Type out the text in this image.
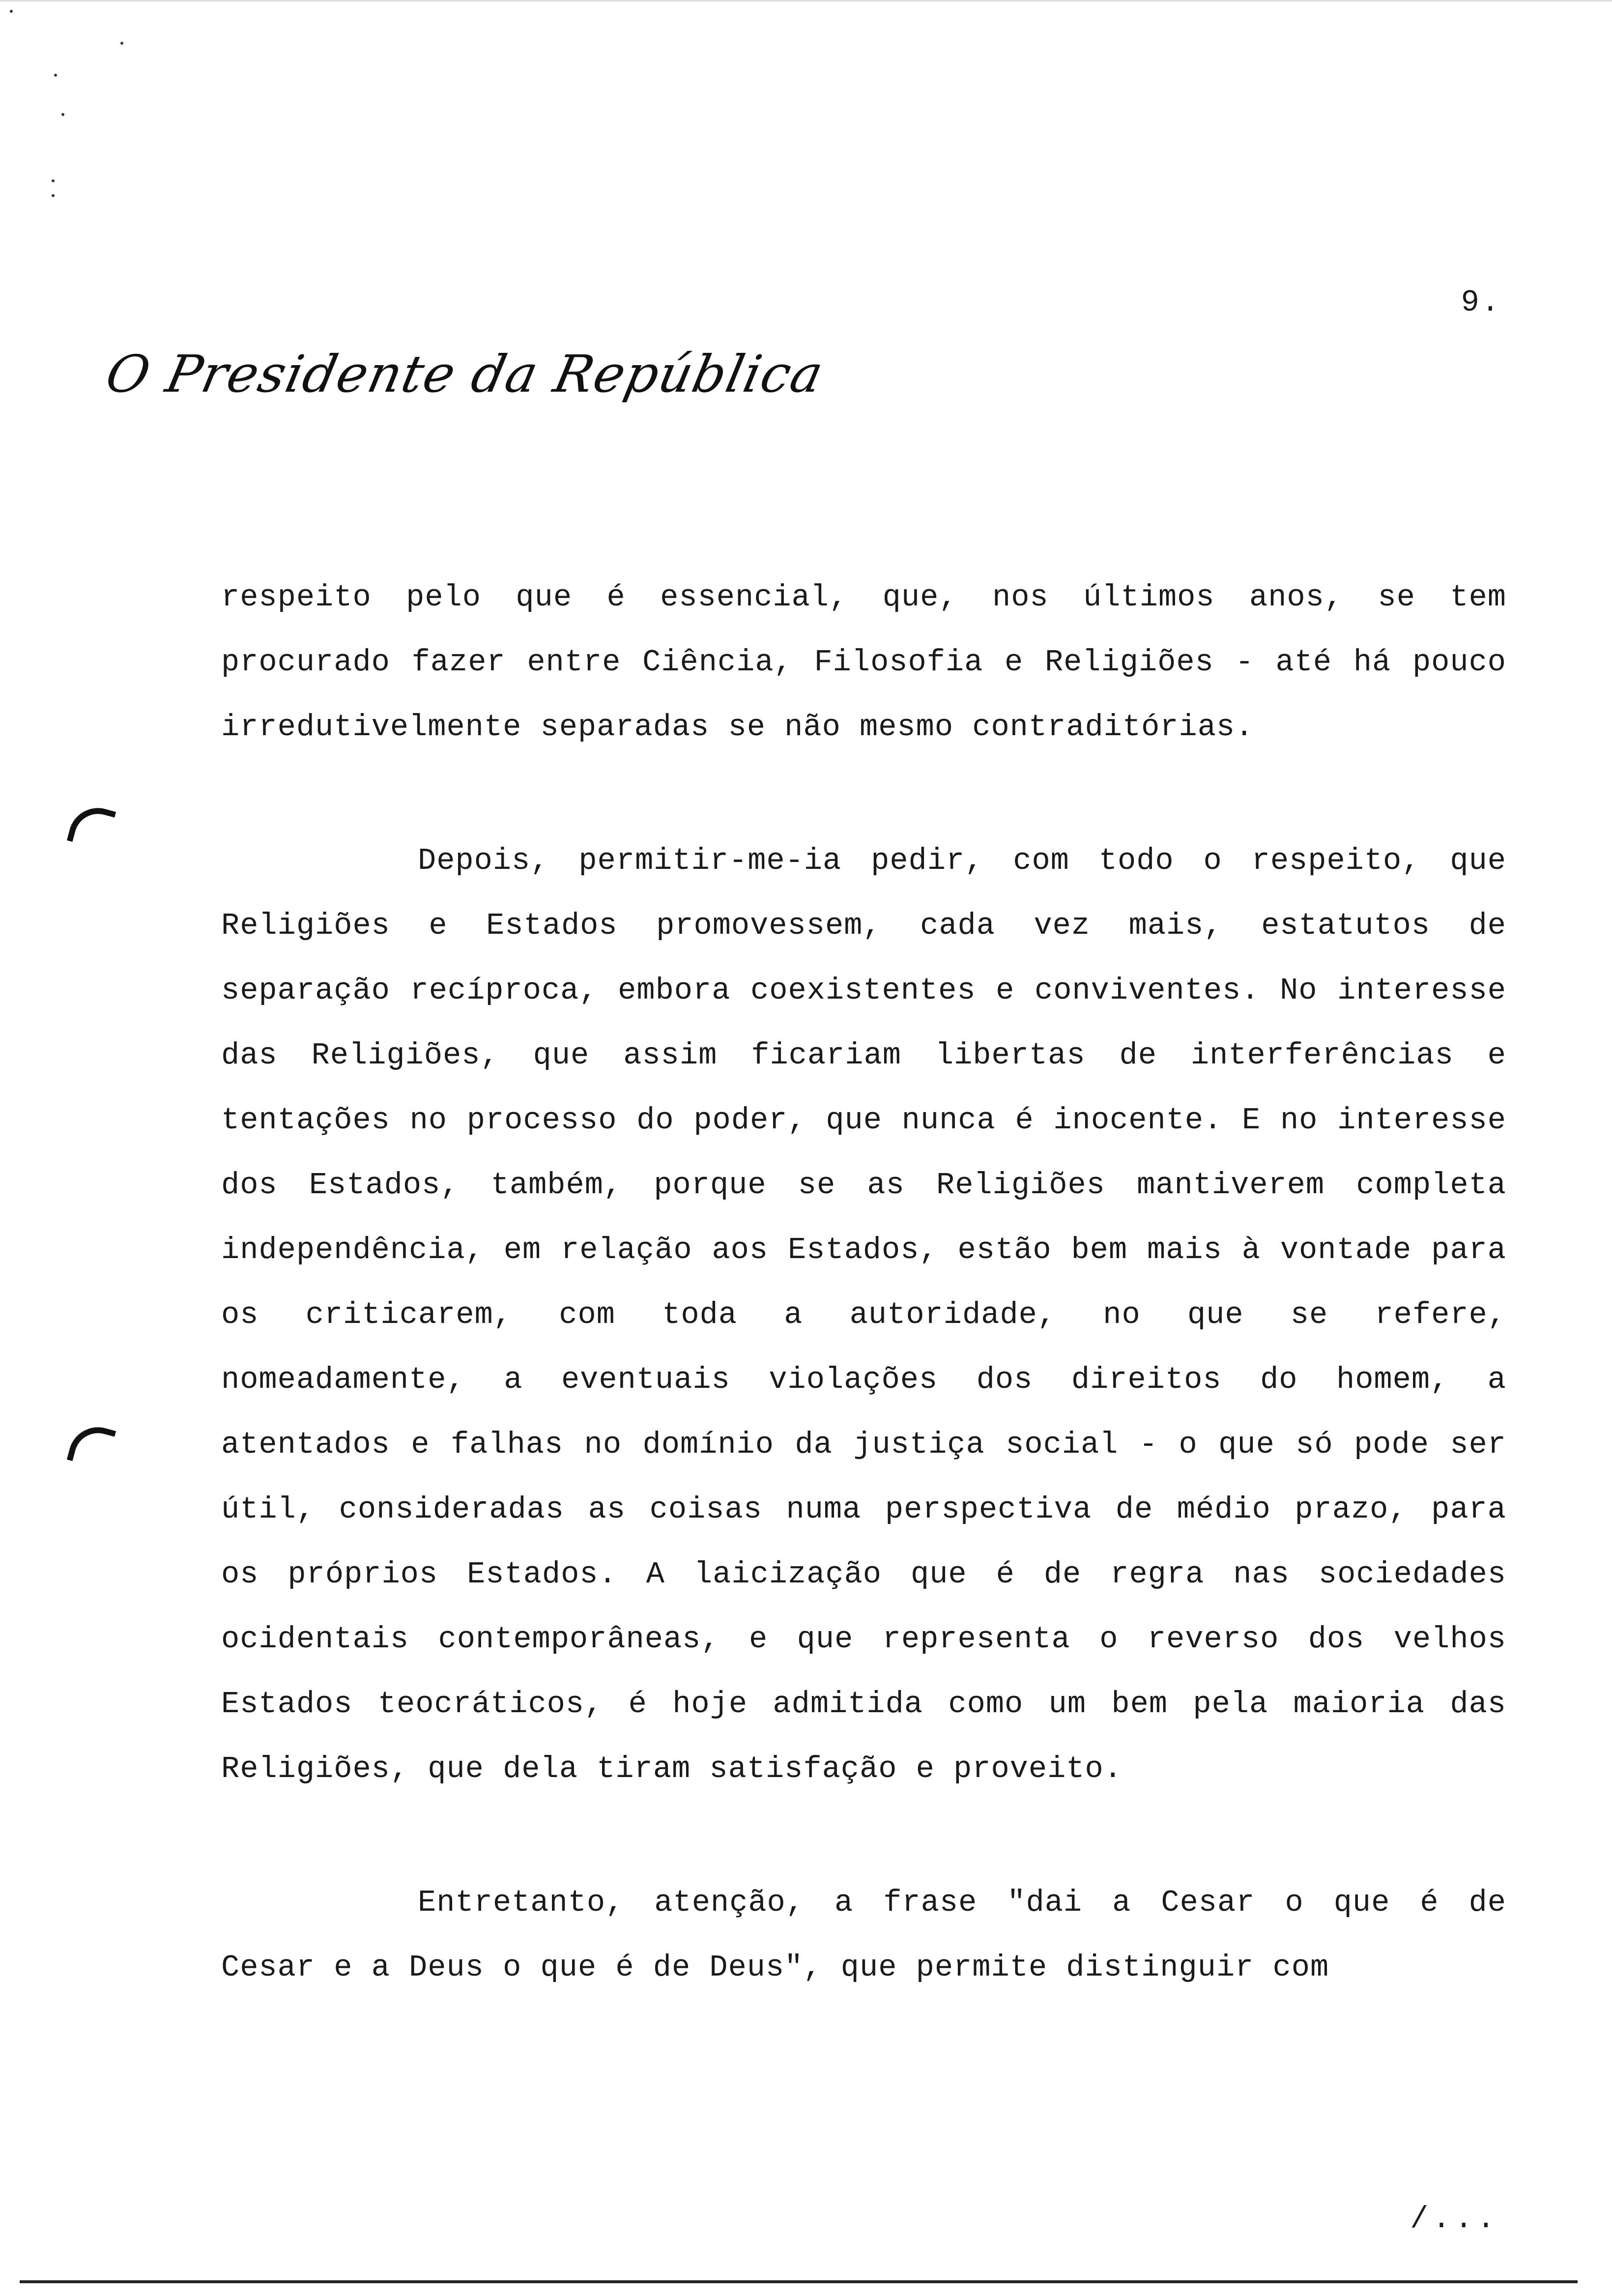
9.
O Presidente da República

respeito pelo que é essencial, que, nos últimos anos, se tem procurado fazer entre Ciência, Filosofia e Religiões - até há pouco irredutivelmente separadas se não mesmo contraditórias.

Depois, permitir-me-ia pedir, com todo o respeito, que Religiões e Estados promovessem, cada vez mais, estatutos de separação recíproca, embora coexistentes e conviventes. No interesse das Religiões, que assim ficariam libertas de interferências e tentações no processo do poder, que nunca é inocente. E no interesse dos Estados, também, porque se as Religiões mantiverem completa independência, em relação aos Estados, estão bem mais à vontade para os criticarem, com toda a autoridade, no que se refere, nomeadamente, a eventuais violações dos direitos do homem, a atentados e falhas no domínio da justiça social - o que só pode ser útil, consideradas as coisas numa perspectiva de médio prazo, para os próprios Estados. A laicização que é de regra nas sociedades ocidentais contemporâneas, e que representa o reverso dos velhos Estados teocráticos, é hoje admitida como um bem pela maioria das Religiões, que dela tiram satisfação e proveito.

Entretanto, atenção, a frase "dai a Cesar o que é de Cesar e a Deus o que é de Deus", que permite distinguir com

/...
